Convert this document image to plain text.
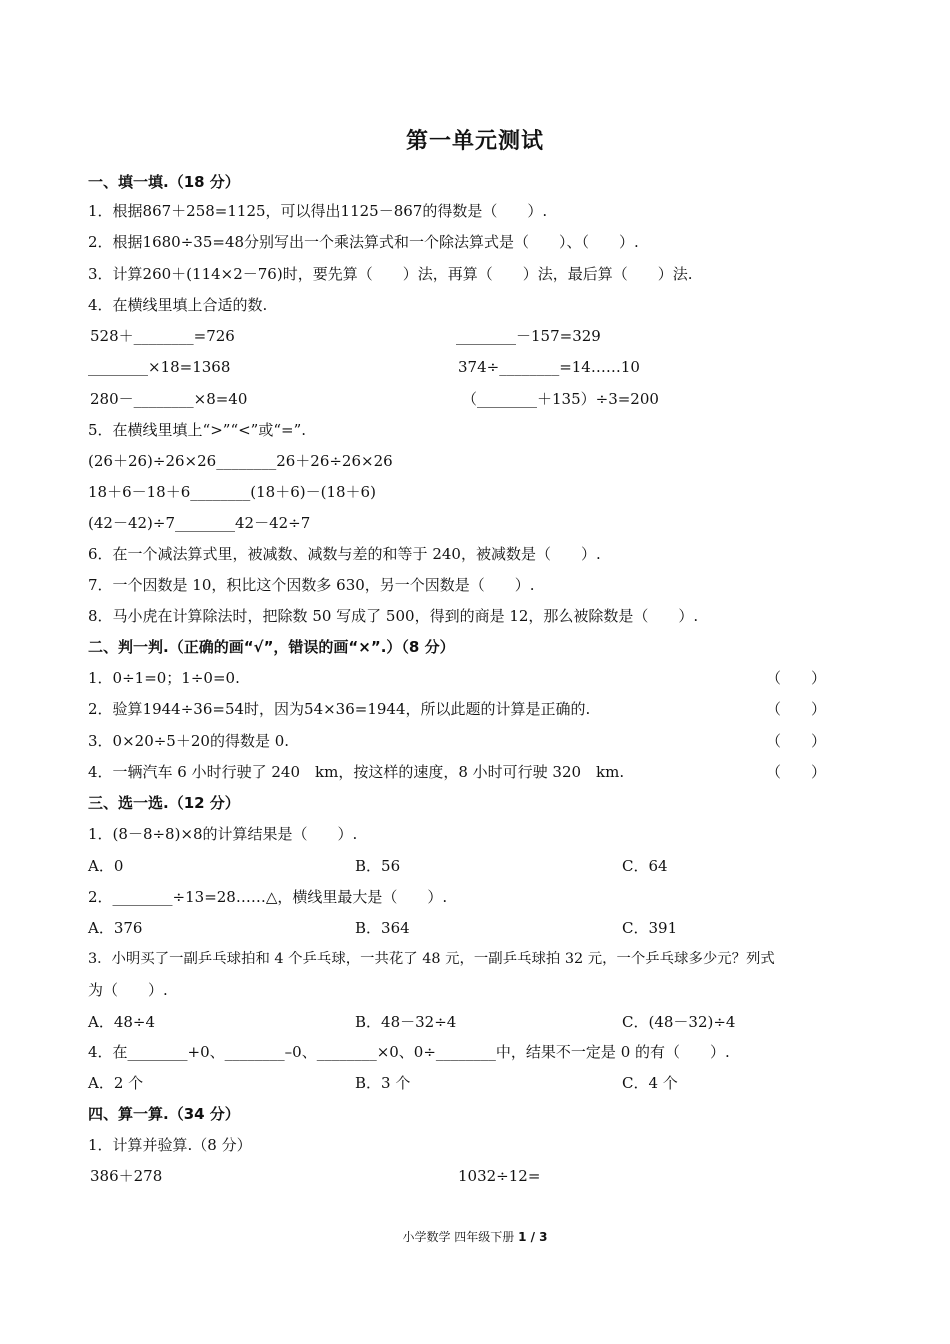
第一单元测试
一、填一填.（18 分）
1．根据867＋258=1125，可以得出1125－867的得数是（　　）.
2．根据1680÷35=48分别写出一个乘法算式和一个除法算式是（　　）、（　　）.
3．计算260＋(114×2－76)时，要先算（　　）法，再算（　　）法，最后算（　　）法.
4．在横线里填上合适的数.
528＋________=726	________－157=329
________×18=1368	374÷________=14……10
280－________×8=40	（________＋135）÷3=200
5．在横线里填上“>”“<”或“=”.
(26＋26)÷26×26________26＋26÷26×26
18＋6－18＋6________(18＋6)－(18＋6)
(42－42)÷7________42－42÷7
6．在一个减法算式里，被减数、减数与差的和等于 240，被减数是（　　）.
7．一个因数是 10，积比这个因数多 630，另一个因数是（　　）.
8．马小虎在计算除法时，把除数 50 写成了 500，得到的商是 12，那么被除数是（　　）.
二、判一判.（正确的画“√”，错误的画“×”.）（8 分）
1．0÷1=0；1÷0=0.	（　　）
2．验算1944÷36=54时，因为54×36=1944，所以此题的计算是正确的.	（　　）
3．0×20÷5＋20的得数是 0.	（　　）
4．一辆汽车 6 小时行驶了 240　km，按这样的速度，8 小时可行驶 320　km.	（　　）
三、选一选.（12 分）
1．(8－8÷8)×8的计算结果是（　　）.
A．0	B．56	C．64
2．________÷13=28……△，横线里最大是（　　）.
A．376	B．364	C．391
3．小明买了一副乒乓球拍和 4 个乒乓球，一共花了 48 元，一副乒乓球拍 32 元，一个乒乓球多少元？列式
为（　　）.
A．48÷4	B．48－32÷4	C．(48－32)÷4
4．在________+0、________–0、________×0、0÷________中，结果不一定是 0 的有（　　）.
A．2 个	B．3 个	C．4 个
四、算一算.（34 分）
1．计算并验算.（8 分）
386＋278	1032÷12=
小学数学 四年级下册 1 / 3
